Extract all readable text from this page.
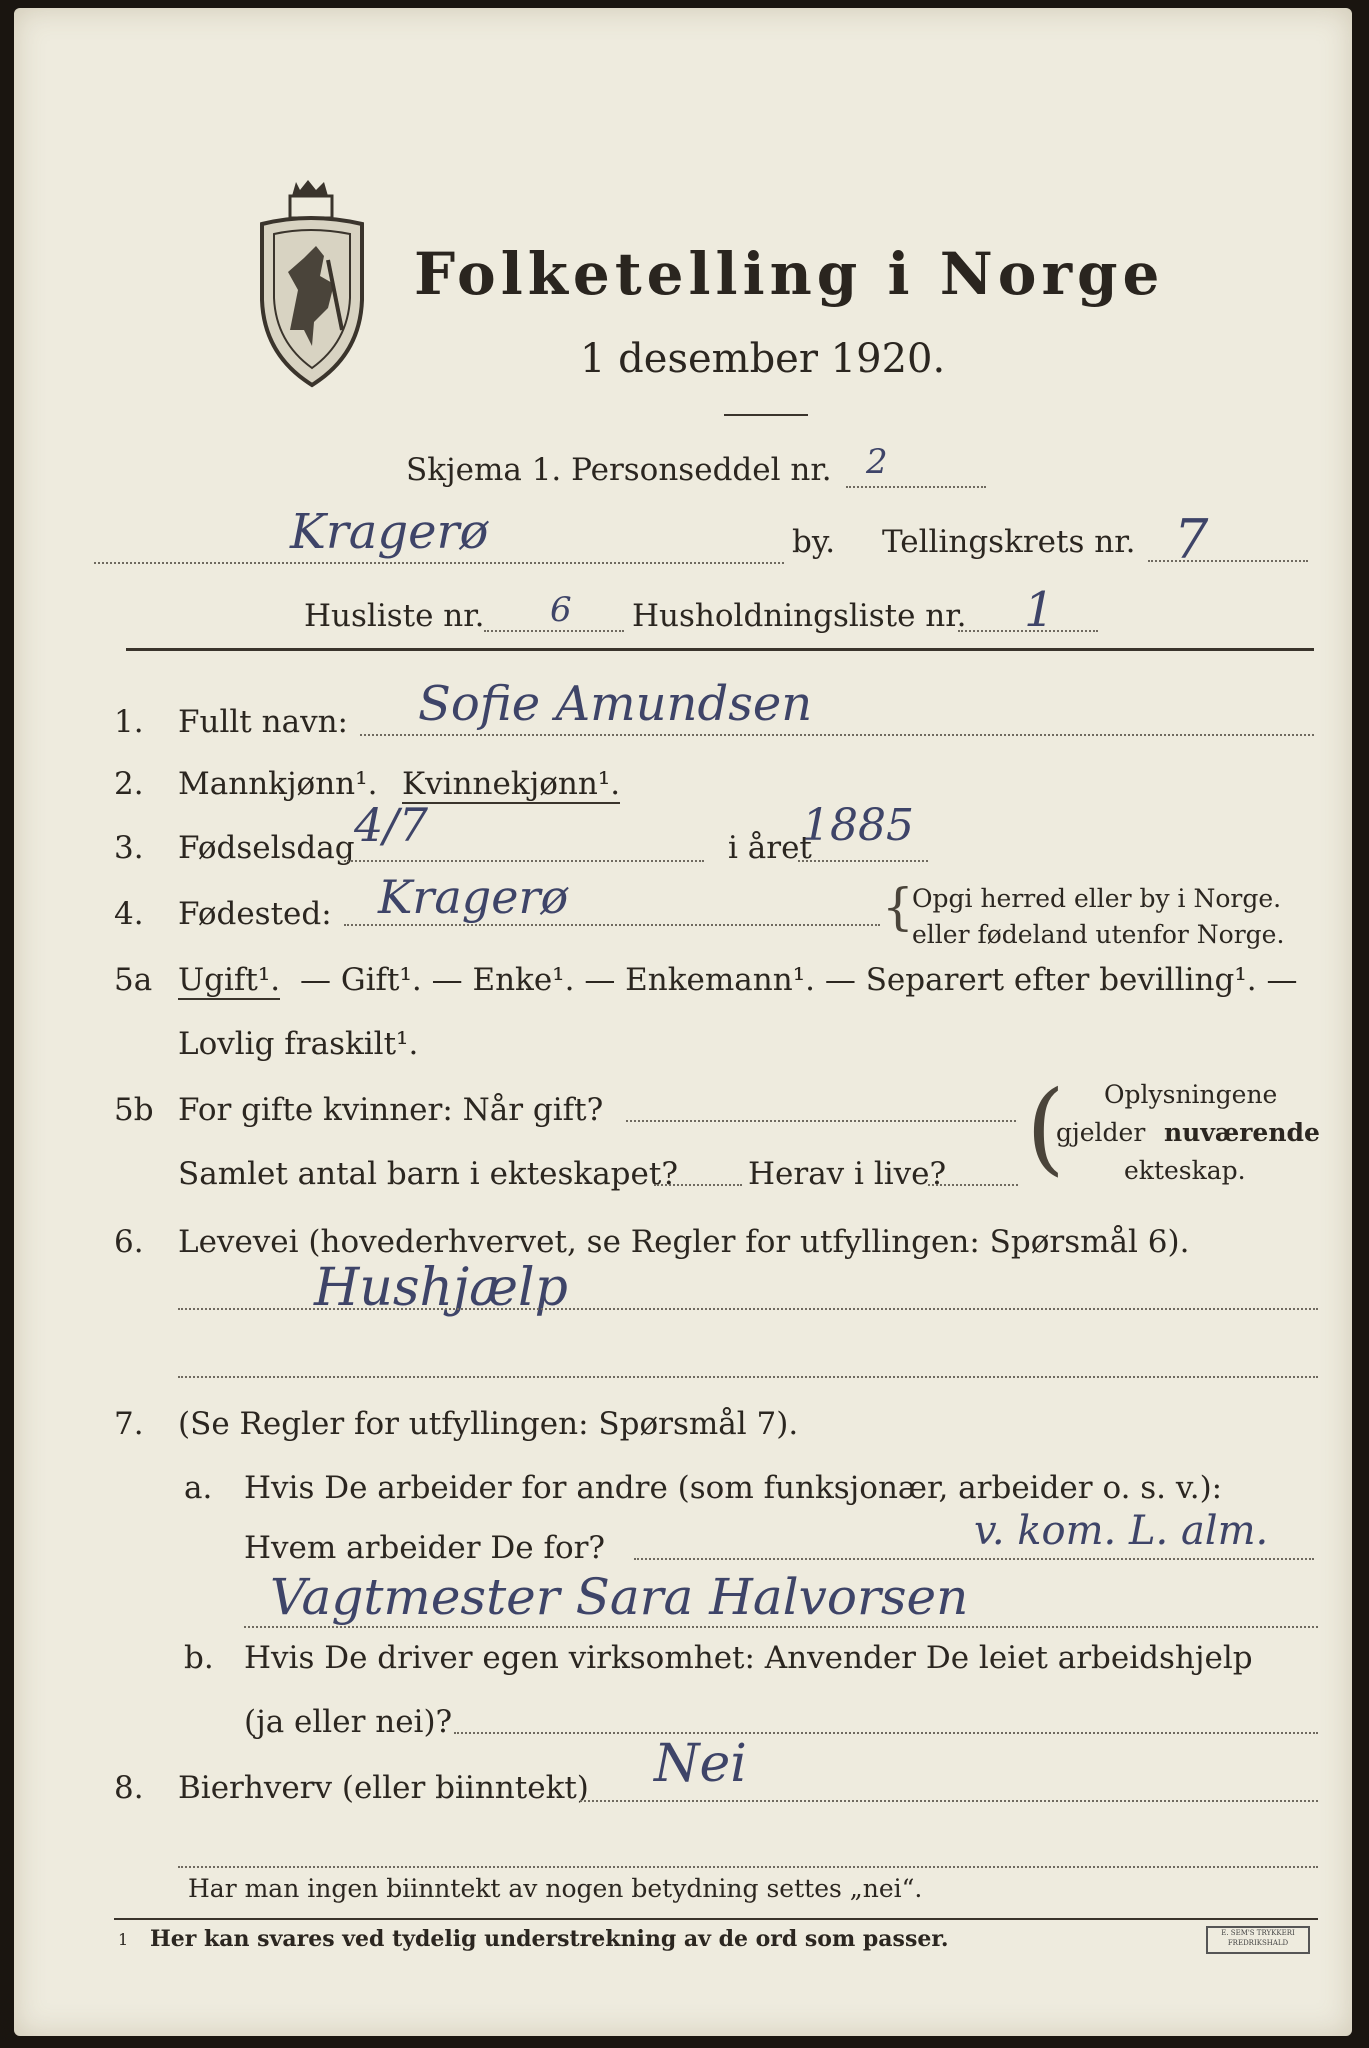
Folketelling i Norge
1 desember 1920.
Skjema 1. Personseddel nr. 2
Kragerø	by. Tellingskrets nr. 7
Husliste nr. 6 Husholdningsliste nr. 1
1. Fullt navn: Sofie Amundsen
2. Mannkjønn¹. Kvinnekjønn¹.
3. Fødselsdag 4/7	i året
1885
4. Fødested: Kragerø	{
Opgi herred eller by i Norge.
eller fødeland utenfor Norge.
5a Ugift¹. — Gift¹. — Enke¹. — Enkemann¹. — Separert efter bevilling¹. —
Lovlig fraskilt¹.
5b For gifte kvinner: Når gift?
Samlet antal barn i ekteskapet? Herav i live? ( Oplysningene
gjelder nuværende
ekteskap.
6. Levevei (hovederhvervet, se Regler for utfyllingen: Spørsmål 6).
Hushjælp
7. (Se Regler for utfyllingen: Spørsmål 7).
a. Hvis De arbeider for andre (som funksjonær, arbeider o. s. v.):
Hvem arbeider De for?	v. kom. L. alm.
Vagtmester Sara Halvorsen
b. Hvis De driver egen virksomhet: Anvender De leiet arbeidshjelp
(ja eller nei)?
8. Bierhverv (eller biinntekt) Nei
Har man ingen biinntekt av nogen betydning settes „nei“.
1 Her kan svares ved tydelig understrekning av de ord som passer.	E. SEM'S TRYKKERI FREDRIKSHALD
